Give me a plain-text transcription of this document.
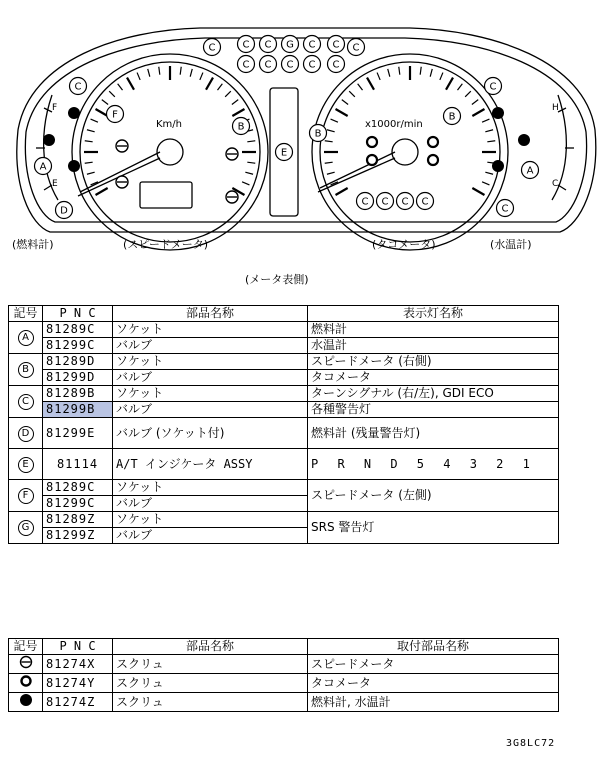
Km/h	x1000r/min
F
E
H
C
C	C C G C C C
C C C C C
C
F
B
E
A
D
B
B
C
A
C
C C C C
(燃料計)	(スピードメータ)	(タコメータ)	(水温計)
(メータ表側)
記号	P N C	部品名称	表示灯名称
A	81289C	ソケット	燃料計
	81299C	バルブ	水温計
B	81289D	ソケット	スピードメータ (右側)
	81299D	バルブ	タコメータ
C	81289B	ソケット	ターンシグナル (右/左), GDI ECO
	81299B	バルブ	各種警告灯
D	81299E	バルブ (ソケット付)	燃料計 (残量警告灯)
E	81114	A/T インジケータ ASSY	P R N D 5 4 3 2 1
F	81289C	ソケット	スピードメータ (左側)
	81299C	バルブ	
G	81289Z	ソケット	SRS 警告灯
	81299Z	バルブ	
記号	P N C	部品名称	取付部品名称
	81274X	スクリュ	スピードメータ
	81274Y	スクリュ	タコメータ
	81274Z	スクリュ	燃料計, 水温計
3G8LC72
